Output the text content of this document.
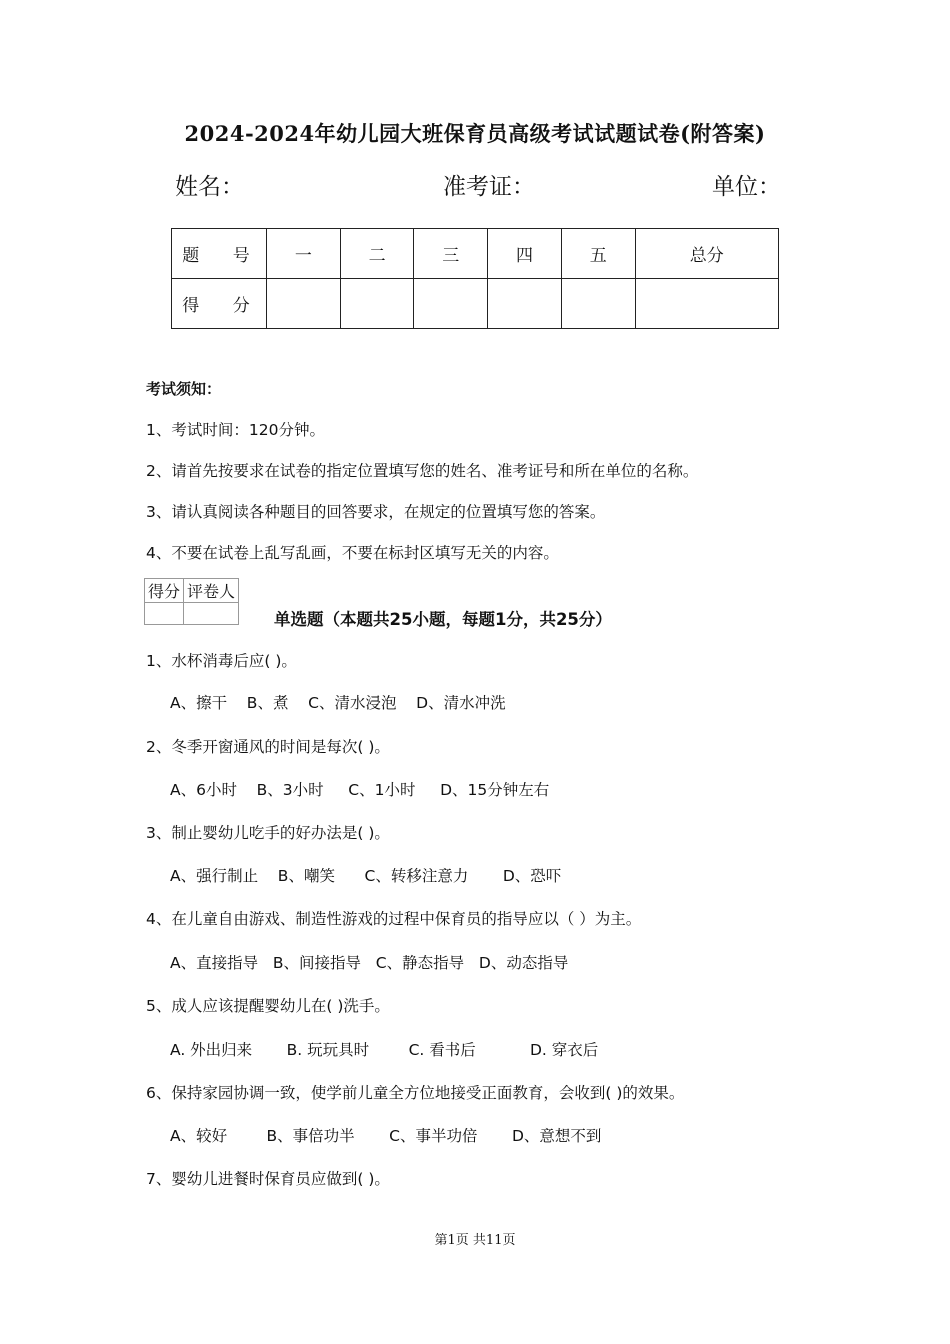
2024-2024年幼儿园大班保育员高级考试试题试卷(附答案)
姓名：	准考证：	单位：
题 号	一	二	三	四	五	总分
得 分						
考试须知：
1、考试时间：120分钟。
2、请首先按要求在试卷的指定位置填写您的姓名、准考证号和所在单位的名称。
3、请认真阅读各种题目的回答要求，在规定的位置填写您的答案。
4、不要在试卷上乱写乱画，不要在标封区填写无关的内容。
得分	评卷人

单选题（本题共25小题，每题1分，共25分）
1、水杯消毒后应( )。
A、擦干    B、煮    C、清水浸泡    D、清水冲洗
2、冬季开窗通风的时间是每次( )。
A、6小时    B、3小时     C、1小时     D、15分钟左右
3、制止婴幼儿吃手的好办法是( )。
A、强行制止    B、嘲笑      C、转移注意力       D、恐吓
4、在儿童自由游戏、制造性游戏的过程中保育员的指导应以（ ）为主。
A、直接指导   B、间接指导   C、静态指导   D、动态指导
5、成人应该提醒婴幼儿在( )洗手。
A. 外出归来       B. 玩玩具时        C. 看书后           D. 穿衣后
6、保持家园协调一致，使学前儿童全方位地接受正面教育，会收到( )的效果。
A、较好        B、事倍功半       C、事半功倍       D、意想不到
7、婴幼儿进餐时保育员应做到( )。
第1页 共11页
